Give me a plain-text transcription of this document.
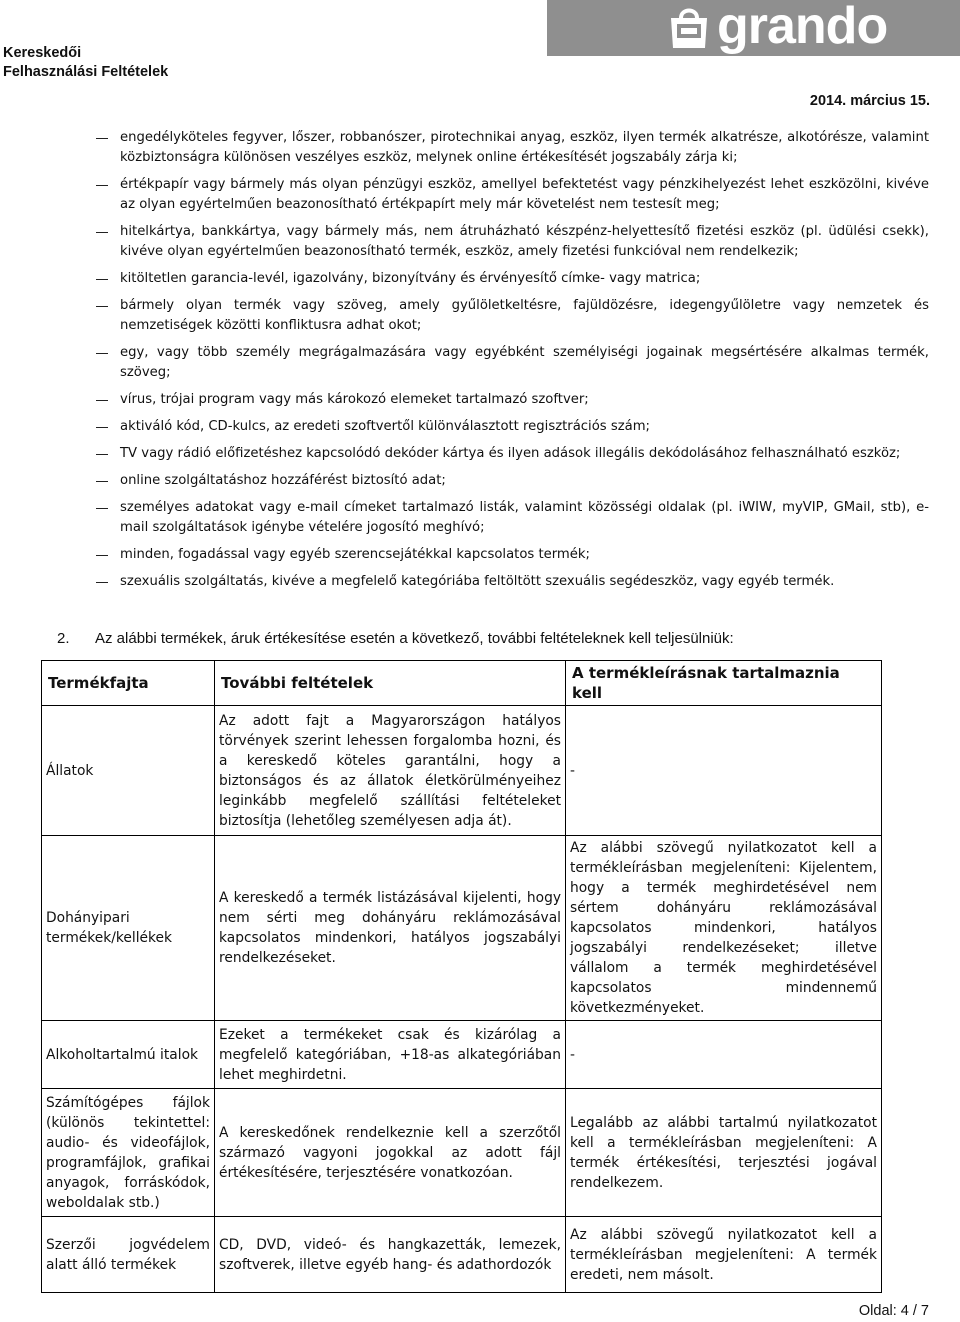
Kereskedői
Felhasználási Feltételek
grando
2014. március 15.
engedélyköteles fegyver, lőszer, robbanószer, pirotechnikai anyag, eszköz, ilyen termék alkatrésze, alkotórésze, valamint közbiztonságra különösen veszélyes eszköz, melynek online értékesítését jogszabály zárja ki;
értékpapír vagy bármely más olyan pénzügyi eszköz, amellyel befektetést vagy pénzkihelyezést lehet eszközölni, kivéve az olyan egyértelműen beazonosítható értékpapírt mely már követelést nem testesít meg;
hitelkártya, bankkártya, vagy bármely más, nem átruházható készpénz-helyettesítő fizetési eszköz (pl. üdülési csekk), kivéve olyan egyértelműen beazonosítható termék, eszköz, amely fizetési funkcióval nem rendelkezik;
kitöltetlen garancia-levél, igazolvány, bizonyítvány és érvényesítő címke- vagy matrica;
bármely olyan termék vagy szöveg, amely gyűlöletkeltésre, fajüldözésre, idegengyűlöletre vagy nemzetek és nemzetiségek közötti konfliktusra adhat okot;
egy, vagy több személy megrágalmazására vagy egyébként személyiségi jogainak megsértésére alkalmas termék, szöveg;
vírus, trójai program vagy más károkozó elemeket tartalmazó szoftver;
aktiváló kód, CD-kulcs, az eredeti szoftvertől különválasztott regisztrációs szám;
TV vagy rádió előfizetéshez kapcsolódó dekóder kártya és ilyen adások illegális dekódolásához felhasználható eszköz;
online szolgáltatáshoz hozzáférést biztosító adat;
személyes adatokat vagy e-mail címeket tartalmazó listák, valamint közösségi oldalak (pl. iWIW, myVIP, GMail, stb), e-mail szolgáltatások igénybe vételére jogosító meghívó;
minden, fogadással vagy egyéb szerencsejátékkal kapcsolatos termék;
szexuális szolgáltatás, kivéve a megfelelő kategóriába feltöltött szexuális segédeszköz, vagy egyéb termék.
2. Az alábbi termékek, áruk értékesítése esetén a következő, további feltételeknek kell teljesülniük:
Termékfajta	További feltételek	A termékleírásnak tartalmaznia kell
Állatok	Az adott fajt a Magyarországon hatályos törvények szerint lehessen forgalomba hozni, és a kereskedő köteles garantálni, hogy a biztonságos és az állatok életkörülményeihez leginkább megfelelő szállítási feltételeket biztosítja (lehetőleg személyesen adja át).	-
Dohányipari termékek/kellékek	A kereskedő a termék listázásával kijelenti, hogy nem sérti meg dohányáru reklámozásával kapcsolatos mindenkori, hatályos jogszabályi rendelkezéseket.	Az alábbi szövegű nyilatkozatot kell a termékleírásban megjeleníteni: Kijelentem, hogy a termék meghirdetésével nem sértem dohányáru reklámozásával kapcsolatos mindenkori, hatályos jogszabályi rendelkezéseket; illetve vállalom a termék meghirdetésével kapcsolatos mindennemű következményeket.
Alkoholtartalmú italok	Ezeket a termékeket csak és kizárólag a megfelelő kategóriában, +18-as alkategóriában lehet meghirdetni.	-
Számítógépes fájlok (különös tekintettel: audio- és videofájlok, programfájlok, grafikai anyagok, forráskódok, weboldalak stb.)	A kereskedőnek rendelkeznie kell a szerzőtől származó vagyoni jogokkal az adott fájl értékesítésére, terjesztésére vonatkozóan.	Legalább az alábbi tartalmú nyilatkozatot kell a termékleírásban megjeleníteni: A termék értékesítési, terjesztési jogával rendelkezem.
Szerzői jogvédelem alatt álló termékek	CD, DVD, videó- és hangkazetták, lemezek, szoftverek, illetve egyéb hang- és adathordozók	Az alábbi szövegű nyilatkozatot kell a termékleírásban megjeleníteni: A termék eredeti, nem másolt.
Oldal: 4 / 7
